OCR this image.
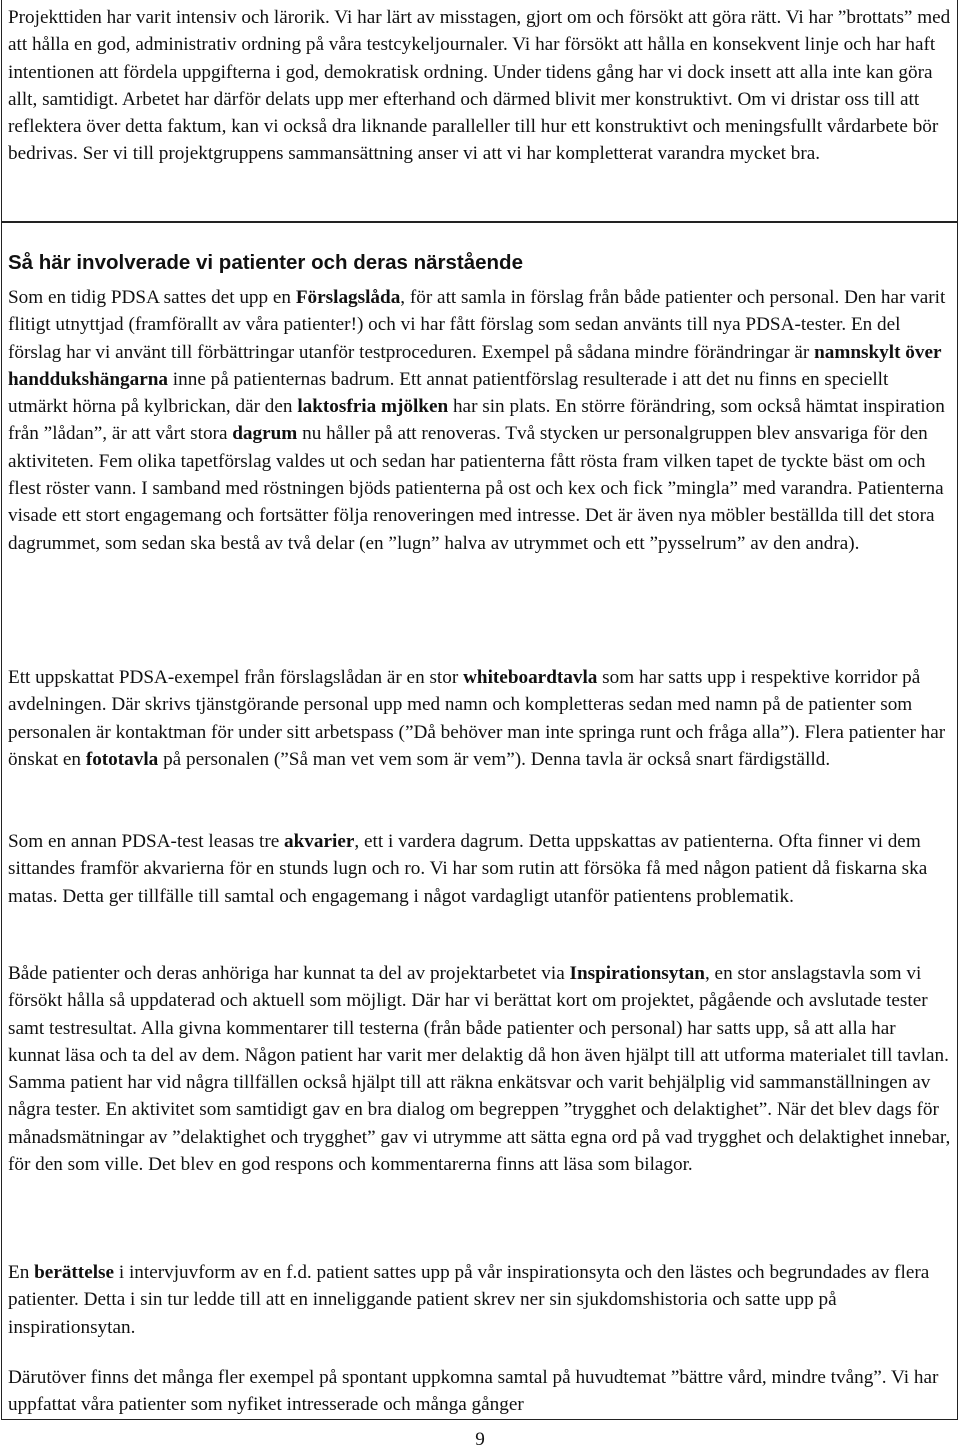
Projekttiden har varit intensiv och lärorik. Vi har lärt av misstagen, gjort om och försökt att göra rätt. Vi har ”brottats” med att hålla en god, administrativ ordning på våra testcykeljournaler. Vi har försökt att hålla en konsekvent linje och har haft intentionen att fördela uppgifterna i god, demokratisk ordning. Under tidens gång har vi dock insett att alla inte kan göra allt, samtidigt. Arbetet har därför delats upp mer efterhand och därmed blivit mer konstruktivt. Om vi dristar oss till att reflektera över detta faktum, kan vi också dra liknande paralleller till hur ett konstruktivt och meningsfullt vårdarbete bör bedrivas. Ser vi till projektgruppens sammansättning anser vi att vi har kompletterat varandra mycket bra.

Så här involverade vi patienter och deras närstående

Som en tidig PDSA sattes det upp en Förslagslåda, för att samla in förslag från både patienter och personal. Den har varit flitigt utnyttjad (framförallt av våra patienter!) och vi har fått förslag som sedan använts till nya PDSA-tester. En del förslag har vi använt till förbättringar utanför testproceduren. Exempel på sådana mindre förändringar är namnskylt över handdukshängarna inne på patienternas badrum. Ett annat patientförslag resulterade i att det nu finns en speciellt utmärkt hörna på kylbrickan, där den laktosfria mjölken har sin plats. En större förändring, som också hämtat inspiration från ”lådan”, är att vårt stora dagrum nu håller på att renoveras. Två stycken ur personalgruppen blev ansvariga för den aktiviteten. Fem olika tapetförslag valdes ut och sedan har patienterna fått rösta fram vilken tapet de tyckte bäst om och flest röster vann. I samband med röstningen bjöds patienterna på ost och kex och fick ”mingla” med varandra. Patienterna visade ett stort engagemang och fortsätter följa renoveringen med intresse. Det är även nya möbler beställda till det stora dagrummet, som sedan ska bestå av två delar (en ”lugn” halva av utrymmet och ett ”pysselrum” av den andra).

Ett uppskattat PDSA-exempel från förslagslådan är en stor whiteboardtavla som har satts upp i respektive korridor på avdelningen. Där skrivs tjänstgörande personal upp med namn och kompletteras sedan med namn på de patienter som personalen är kontaktman för under sitt arbetspass (”Då behöver man inte springa runt och fråga alla”). Flera patienter har önskat en fototavla på personalen (”Så man vet vem som är vem”). Denna tavla är också snart färdigställd.

Som en annan PDSA-test leasas tre akvarier, ett i vardera dagrum. Detta uppskattas av patienterna. Ofta finner vi dem sittandes framför akvarierna för en stunds lugn och ro. Vi har som rutin att försöka få med någon patient då fiskarna ska matas. Detta ger tillfälle till samtal och engagemang i något vardagligt utanför patientens problematik.

Både patienter och deras anhöriga har kunnat ta del av projektarbetet via Inspirationsytan, en stor anslagstavla som vi försökt hålla så uppdaterad och aktuell som möjligt. Där har vi berättat kort om projektet, pågående och avslutade tester samt testresultat. Alla givna kommentarer till testerna (från både patienter och personal) har satts upp, så att alla har kunnat läsa och ta del av dem. Någon patient har varit mer delaktig då hon även hjälpt till att utforma materialet till tavlan. Samma patient har vid några tillfällen också hjälpt till att räkna enkätsvar och varit behjälplig vid sammanställningen av några tester. En aktivitet som samtidigt gav en bra dialog om begreppen ”trygghet och delaktighet”. När det blev dags för månadsmätningar av ”delaktighet och trygghet” gav vi utrymme att sätta egna ord på vad trygghet och delaktighet innebar, för den som ville. Det blev en god respons och kommentarerna finns att läsa som bilagor.

En berättelse i intervjuvform av en f.d. patient sattes upp på vår inspirationsyta och den lästes och begrundades av flera patienter. Detta i sin tur ledde till att en inneliggande patient skrev ner sin sjukdomshistoria och satte upp på inspirationsytan.

Därutöver finns det många fler exempel på spontant uppkomna samtal på huvudtemat ”bättre vård, mindre tvång”. Vi har uppfattat våra patienter som nyfiket intresserade och många gånger

9
